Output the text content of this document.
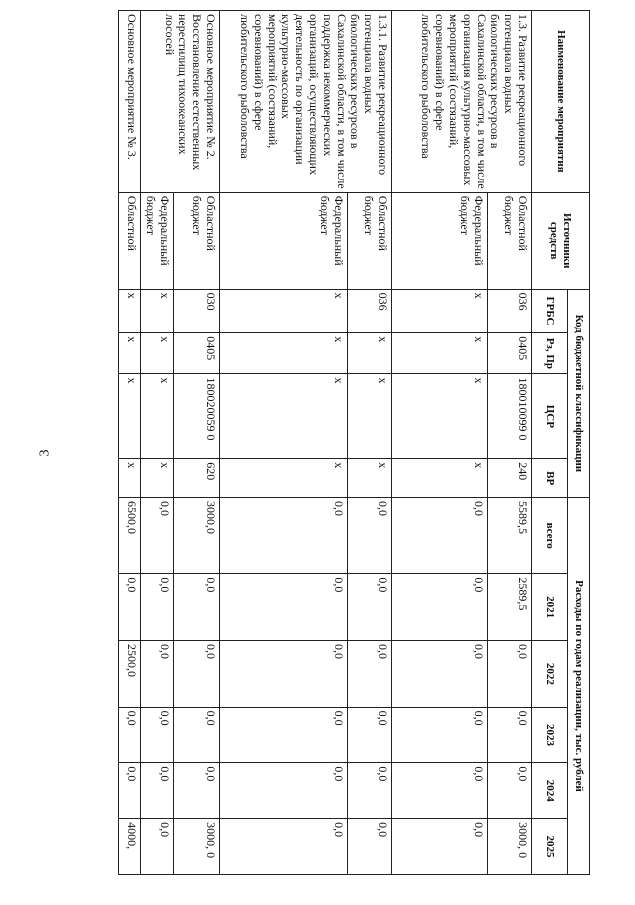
3
Наименование мероприятия	Источники средств	Код бюджетной классификации				Расходы по годам реализации, тыс. рублей					
		ГРБС	Рз, Пр	ЦСР	ВР	всего	2021	2022	2023	2024	2025
1.3. Развитие рекреационного потенциала водных биологических ресурсов в Сахалинской области, в том числе организация культурно-массовых мероприятий (состязаний, соревнований) в сфере любительского рыболовства	Областной бюджет	036	0405	180010099 0	240	5589,5	2589,5	0,0	0,0	0,0	3000, 0
	Федеральный бюджет	x	x	x	x	0,0	0,0	0,0	0,0	0,0	0,0
1.3.1. Развитие рекреационного потенциала водных биологических ресурсов в Сахалинской области, в том числе поддержка некоммерческих организаций, осуществляющих деятельность по организации культурно-массовых мероприятий (состязаний, соревнований) в сфере любительского рыболовства	Областной бюджет	036	x	x	x	0,0	0,0	0,0	0,0	0,0	0,0
	Федеральный бюджет	x	x	x	x	0,0	0,0	0,0	0,0	0,0	0,0
Основное мероприятие № 2. Восстановление естественных нерестилищ тихоокеанских лососей	Областной бюджет	030	0405	180020059 0	620	3000,0	0,0	0,0	0,0	0,0	3000, 0
	Федеральный бюджет	x	x	x	x	0,0	0,0	0,0	0,0	0,0	0,0
Основное мероприятие № 3.	Областной	x	x	x	x	6500,0	0,0	2500,0	0,0	0,0	4000,
